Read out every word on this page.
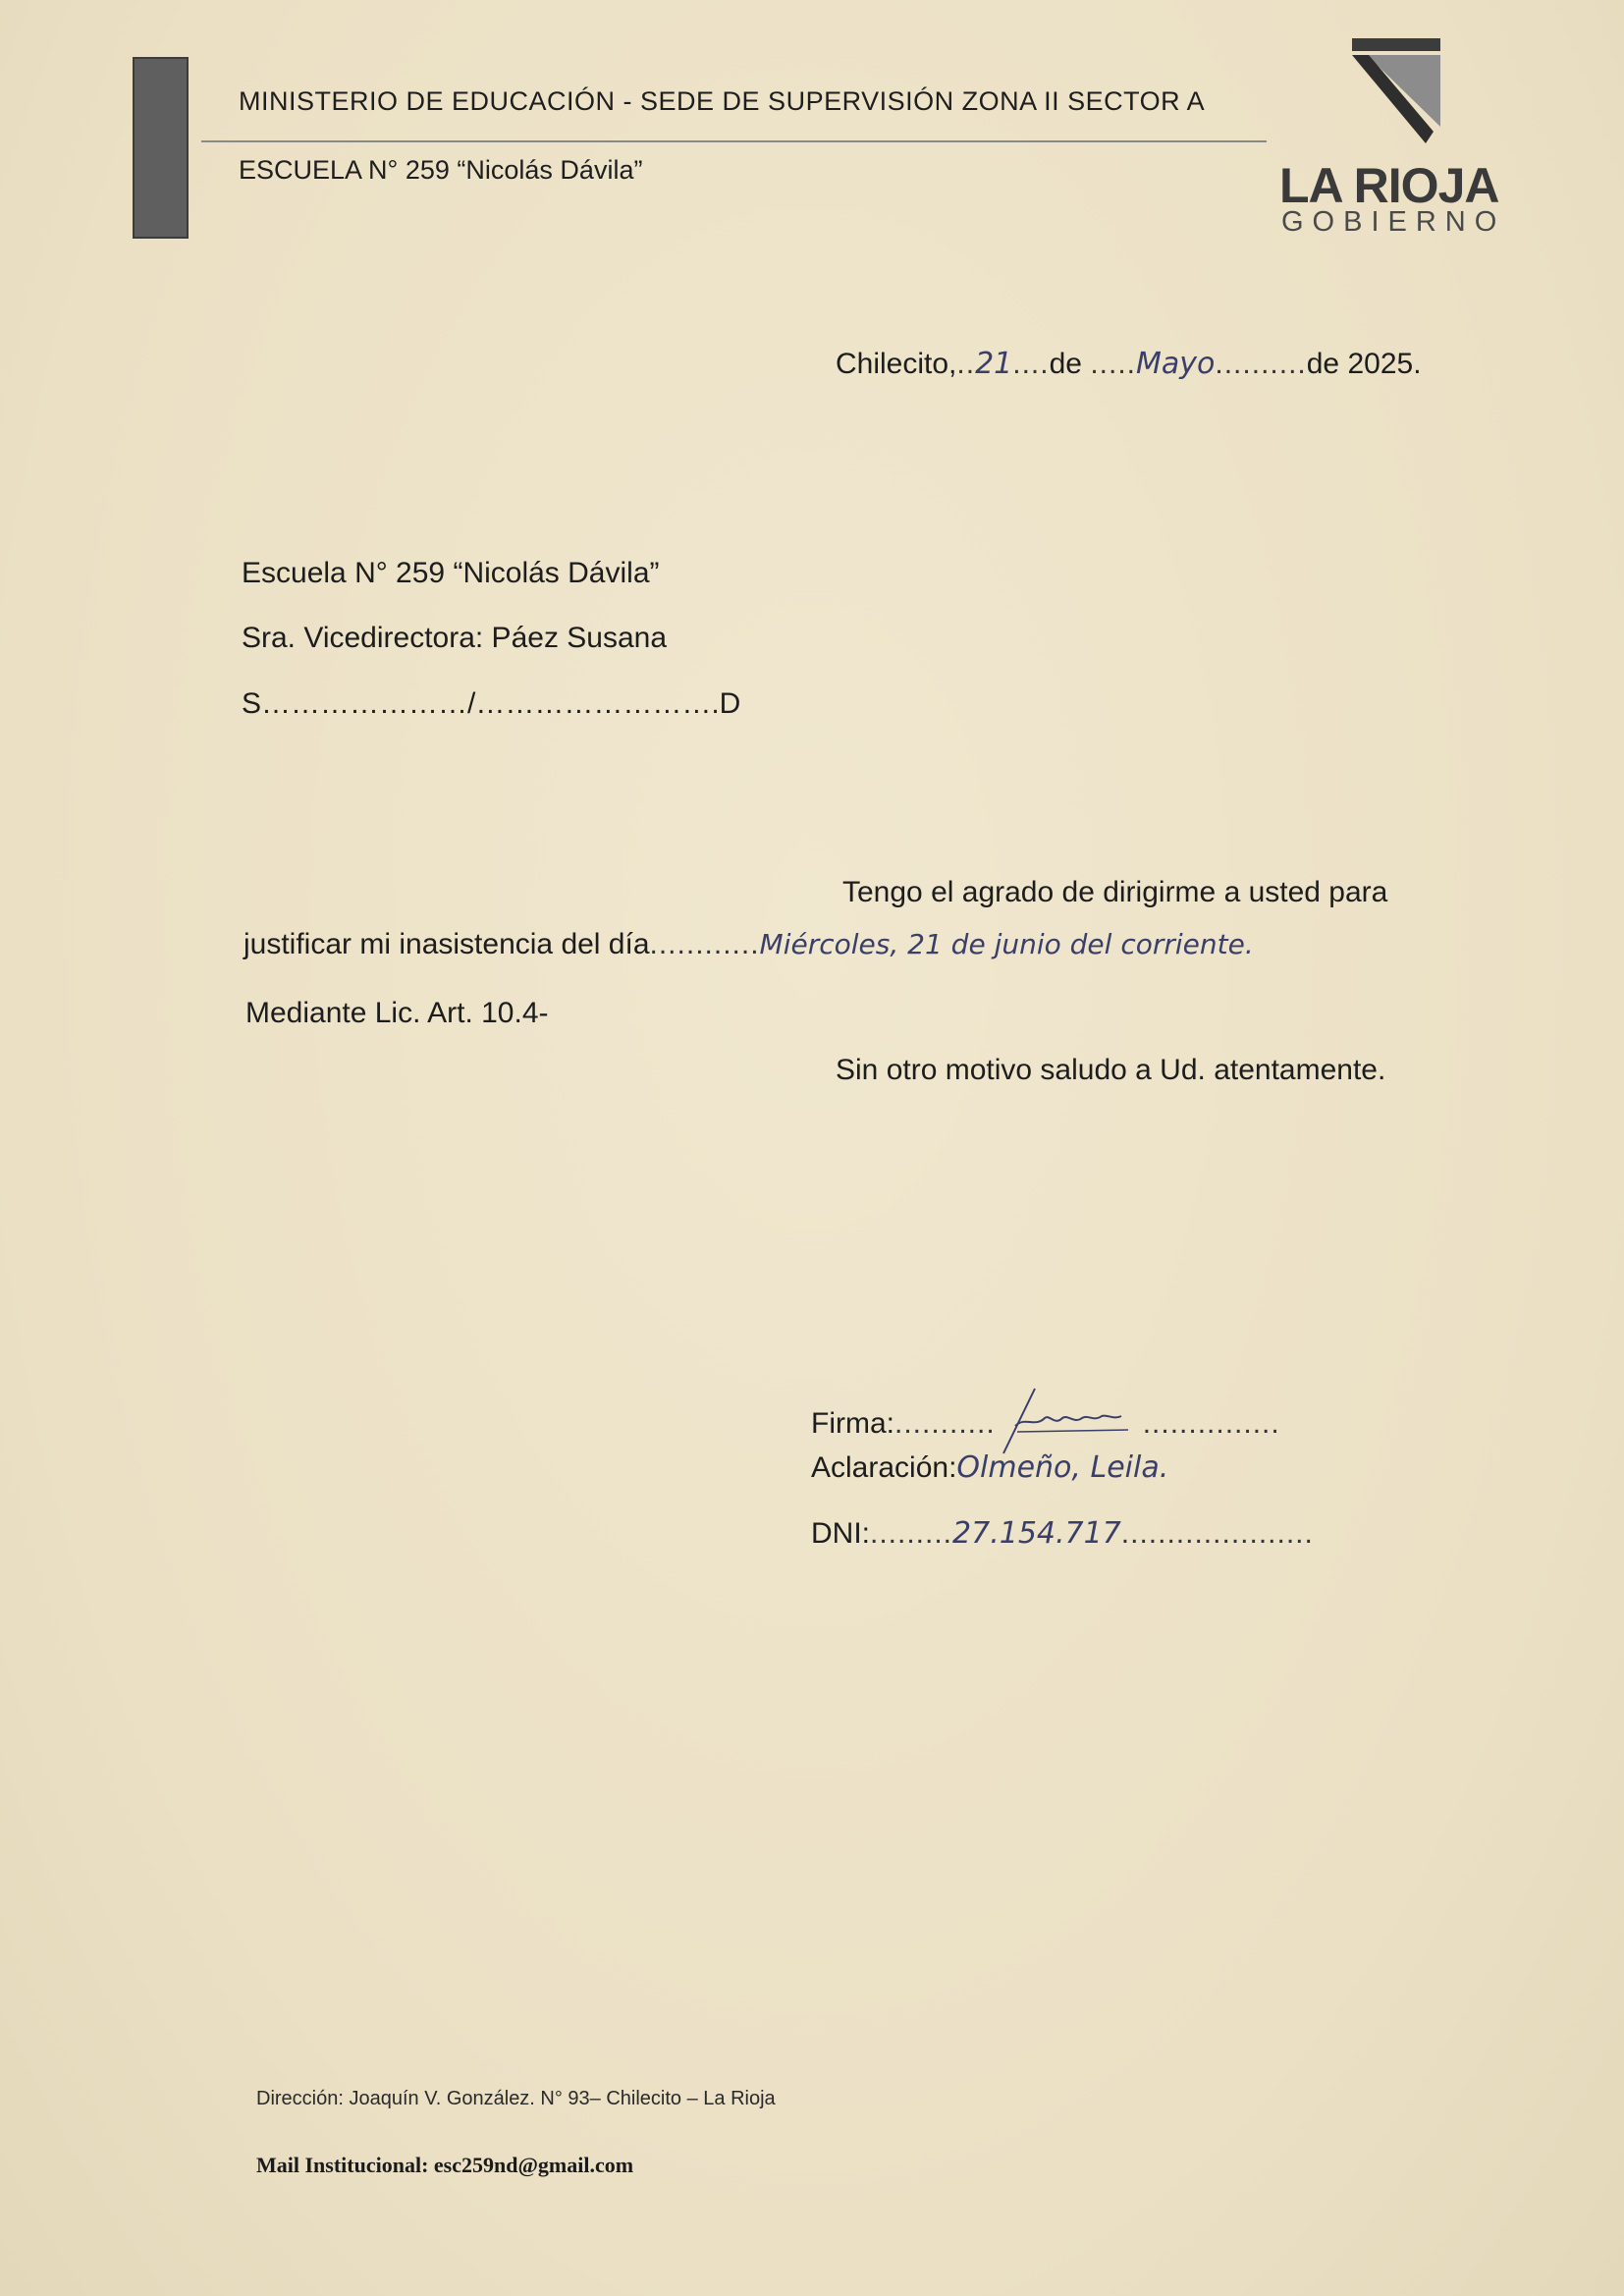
MINISTERIO DE EDUCACIÓN - SEDE DE SUPERVISIÓN ZONA II SECTOR A
ESCUELA N° 259 “Nicolás Dávila”	LA RIOJA
GOBIERNO
Chilecito,..21....de .....Mayo..........de 2025.
Escuela N° 259 “Nicolás Dávila”
Sra. Vicedirectora: Páez Susana
S…………………/…………………….D
Tengo el agrado de dirigirme a usted para
justificar mi inasistencia del día............Miércoles, 21 de junio del corriente.
Mediante Lic. Art. 10.4-
Sin otro motivo saludo a Ud. atentamente.
Firma:...........	...............
Aclaración:Olmeño, Leila.
DNI:.........27.154.717.....................
Dirección: Joaquín V. González. N° 93– Chilecito – La Rioja
Mail Institucional: esc259nd@gmail.com
